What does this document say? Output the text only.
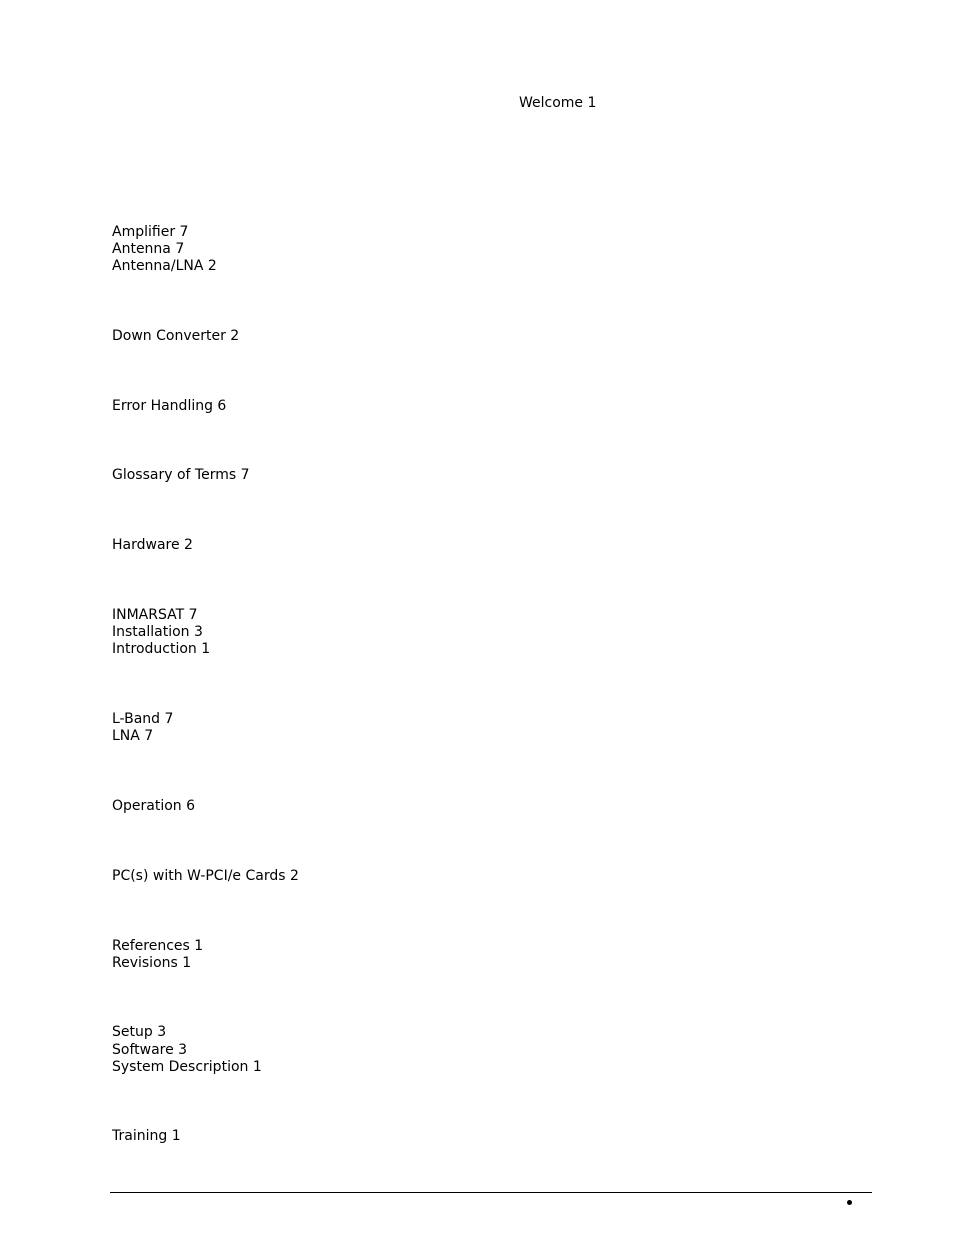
Welcome 1
Amplifier 7
Antenna 7
Antenna/LNA 2
Down Converter 2
Error Handling 6
Glossary of Terms 7
Hardware 2
INMARSAT 7
Installation 3
Introduction 1
L-Band 7
LNA 7
Operation 6
PC(s) with W-PCI/e Cards 2
References 1
Revisions 1
Setup 3
Software 3
System Description 1
Training 1
